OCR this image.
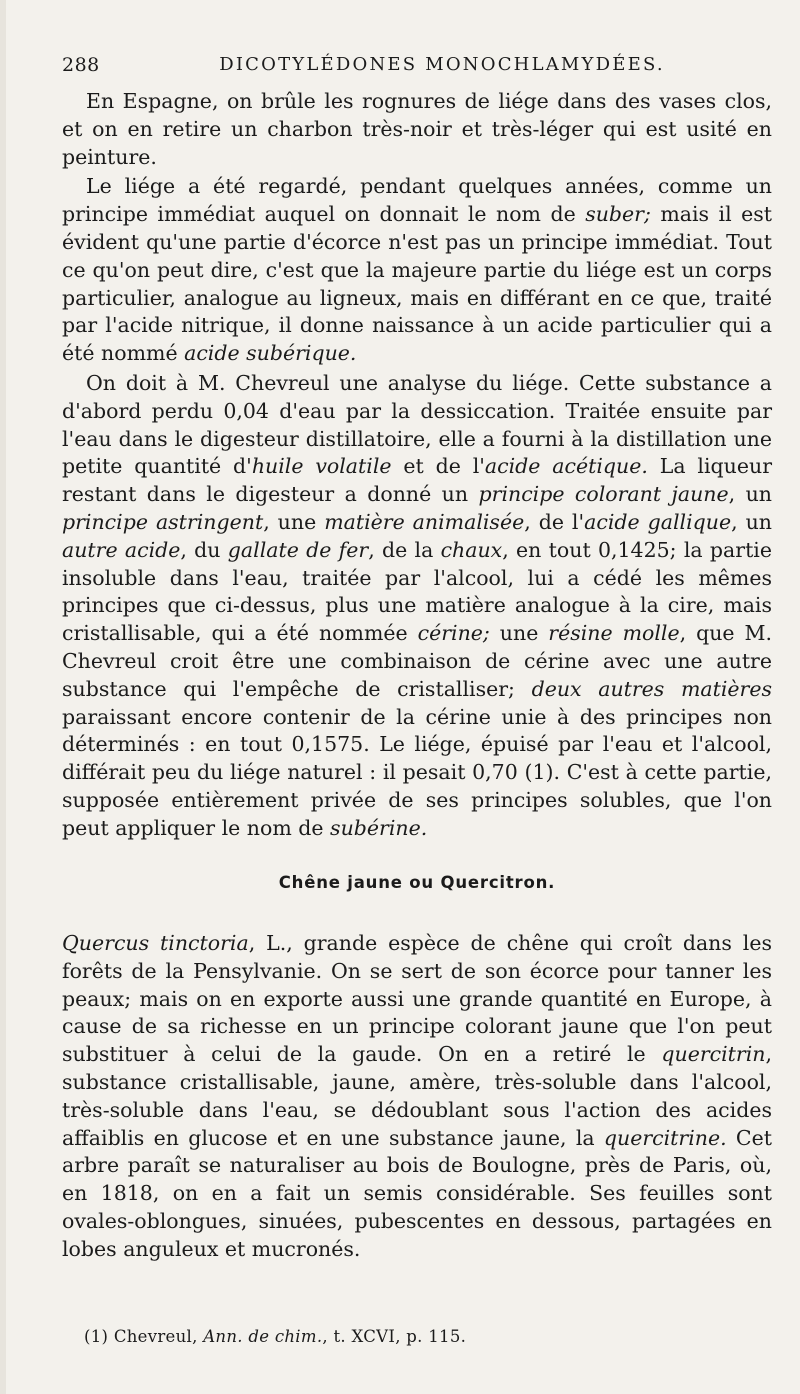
288	DICOTYLÉDONES MONOCHLAMYDÉES.

En Espagne, on brûle les rognures de liége dans des vases clos, et on en retire un charbon très-noir et très-léger qui est usité en peinture.

Le liége a été regardé, pendant quelques années, comme un principe immédiat auquel on donnait le nom de suber; mais il est évident qu'une partie d'écorce n'est pas un principe immédiat. Tout ce qu'on peut dire, c'est que la majeure partie du liége est un corps particulier, analogue au ligneux, mais en différant en ce que, traité par l'acide nitrique, il donne naissance à un acide particulier qui a été nommé acide subérique.

On doit à M. Chevreul une analyse du liége. Cette substance a d'abord perdu 0,04 d'eau par la dessiccation. Traitée ensuite par l'eau dans le digesteur distillatoire, elle a fourni à la distillation une petite quantité d'huile volatile et de l'acide acétique. La liqueur restant dans le digesteur a donné un principe colorant jaune, un principe astringent, une matière animalisée, de l'acide gallique, un autre acide, du gallate de fer, de la chaux, en tout 0,1425; la partie insoluble dans l'eau, traitée par l'alcool, lui a cédé les mêmes principes que ci-dessus, plus une matière analogue à la cire, mais cristallisable, qui a été nommée cérine; une résine molle, que M. Chevreul croit être une combinaison de cérine avec une autre substance qui l'empêche de cristalliser; deux autres matières paraissant encore contenir de la cérine unie à des principes non déterminés : en tout 0,1575. Le liége, épuisé par l'eau et l'alcool, différait peu du liége naturel : il pesait 0,70 (1). C'est à cette partie, supposée entièrement privée de ses principes solubles, que l'on peut appliquer le nom de subérine.

Chêne jaune ou Quercitron.

Quercus tinctoria, L., grande espèce de chêne qui croît dans les forêts de la Pensylvanie. On se sert de son écorce pour tanner les peaux; mais on en exporte aussi une grande quantité en Europe, à cause de sa richesse en un principe colorant jaune que l'on peut substituer à celui de la gaude. On en a retiré le quercitrin, substance cristallisable, jaune, amère, très-soluble dans l'alcool, très-soluble dans l'eau, se dédoublant sous l'action des acides affaiblis en glucose et en une substance jaune, la quercitrine. Cet arbre paraît se naturaliser au bois de Boulogne, près de Paris, où, en 1818, on en a fait un semis considérable. Ses feuilles sont ovales-oblongues, sinuées, pubescentes en dessous, partagées en lobes anguleux et mucronés.

(1) Chevreul, Ann. de chim., t. XCVI, p. 115.
